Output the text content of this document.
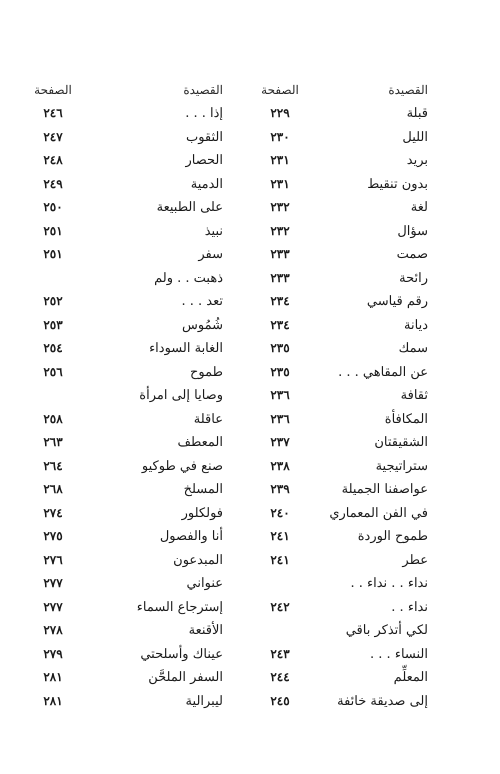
القصيدة
الصفحة
قبلة
٢٢٩
الليل
٢٣٠
بريد
٢٣١
بدون تنقيط
٢٣١
لغة
٢٣٢
سؤال
٢٣٢
صمت
٢٣٣
رائحة
٢٣٣
رقم قياسي
٢٣٤
ديانة
٢٣٤
سمك
٢٣٥
عن المقاهي . . .
٢٣٥
ثقافة
٢٣٦
المكافأة
٢٣٦
الشقيقتان
٢٣٧
ستراتيجية
٢٣٨
عواصفنا الجميلة
٢٣٩
في الفن المعماري
٢٤٠
طموح الوردة
٢٤١
عطر
٢٤١
نداء . . نداء . .
نداء . .
٢٤٢
لكي أتذكر باقي
النساء . . .
٢٤٣
المعلِّم
٢٤٤
إلى صديقة خائفة
٢٤٥
القصيدة
الصفحة
إذا . . .
٢٤٦
الثقوب
٢٤٧
الحصار
٢٤٨
الدمية
٢٤٩
على الطبيعة
٢٥٠
نبيذ
٢٥١
سفر
٢٥١
ذهبت . . ولم
تعد . . .
٢٥٢
شُمُوس
٢٥٣
الغابة السوداء
٢٥٤
طموح
٢٥٦
وصايا إلى امرأة
عاقلة
٢٥٨
المعطف
٢٦٣
صنع في طوكيو
٢٦٤
المسلخ
٢٦٨
فولكلور
٢٧٤
أنا والفصول
٢٧٥
المبدعون
٢٧٦
عنواني
٢٧٧
إسترجاع السماء
٢٧٧
الأقنعة
٢٧٨
عيناك وأسلحتي
٢٧٩
السفر الملحَّن
٢٨١
ليبرالية
٢٨١
